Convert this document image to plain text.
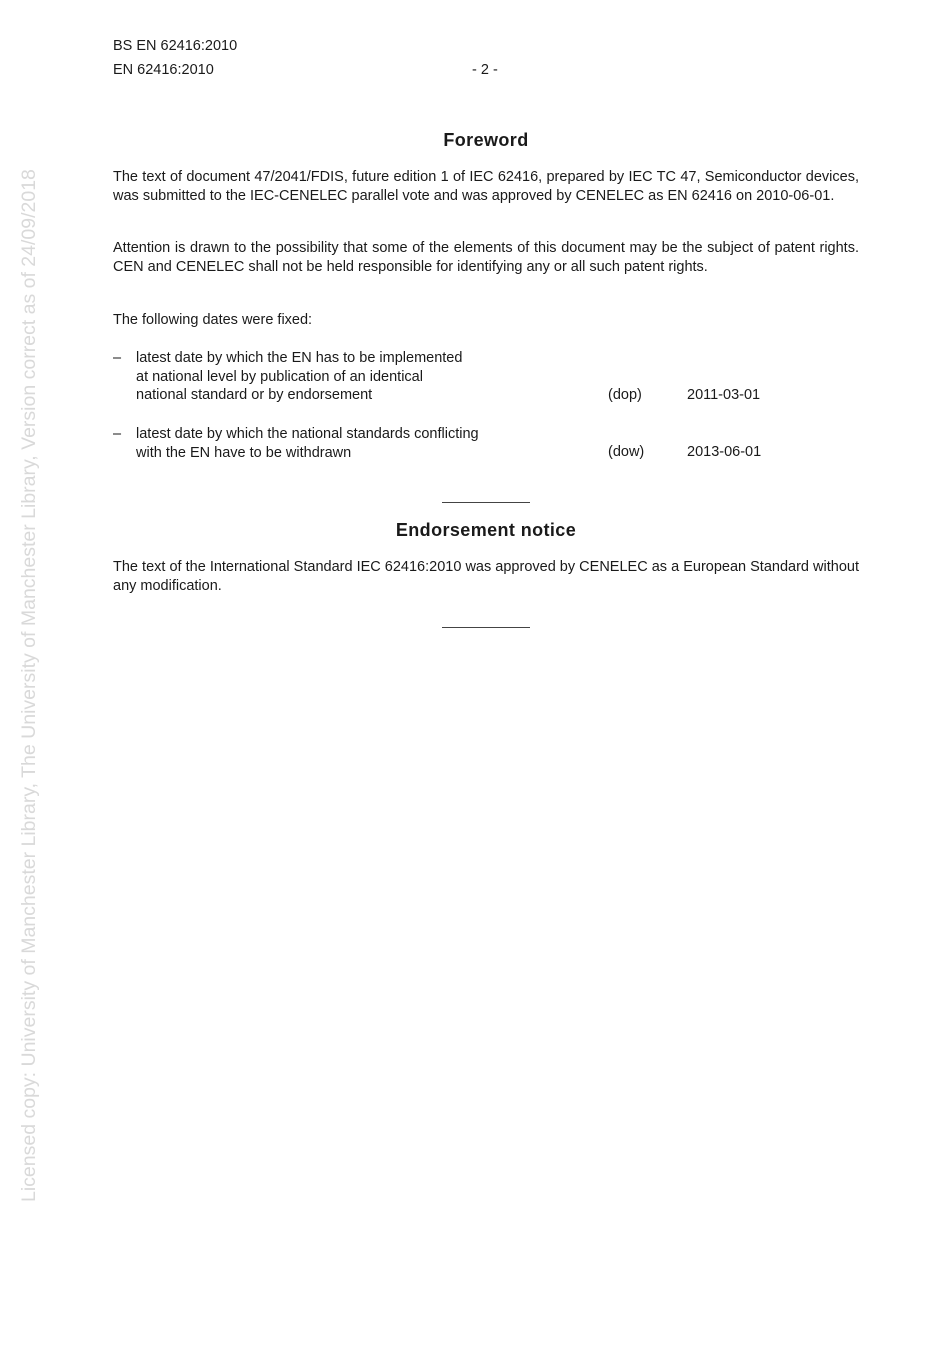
BS EN 62416:2010
EN 62416:2010	- 2 -
Licensed copy: University of Manchester Library, The University of Manchester Library, Version correct as of 24/09/2018
Foreword
The text of document 47/2041/FDIS, future edition 1 of IEC 62416, prepared by IEC TC 47, Semiconductor devices, was submitted to the IEC-CENELEC parallel vote and was approved by CENELEC as EN 62416 on 2010-06-01.
Attention is drawn to the possibility that some of the elements of this document may be the subject of patent rights. CEN and CENELEC shall not be held responsible for identifying any or all such patent rights.
The following dates were fixed:
– latest date by which the EN has to be implemented
at national level by publication of an identical
national standard or by endorsement	(dop)	2011-03-01
– latest date by which the national standards conflicting
with the EN have to be withdrawn	(dow)	2013-06-01
Endorsement notice
The text of the International Standard IEC 62416:2010 was approved by CENELEC as a European Standard without any modification.
